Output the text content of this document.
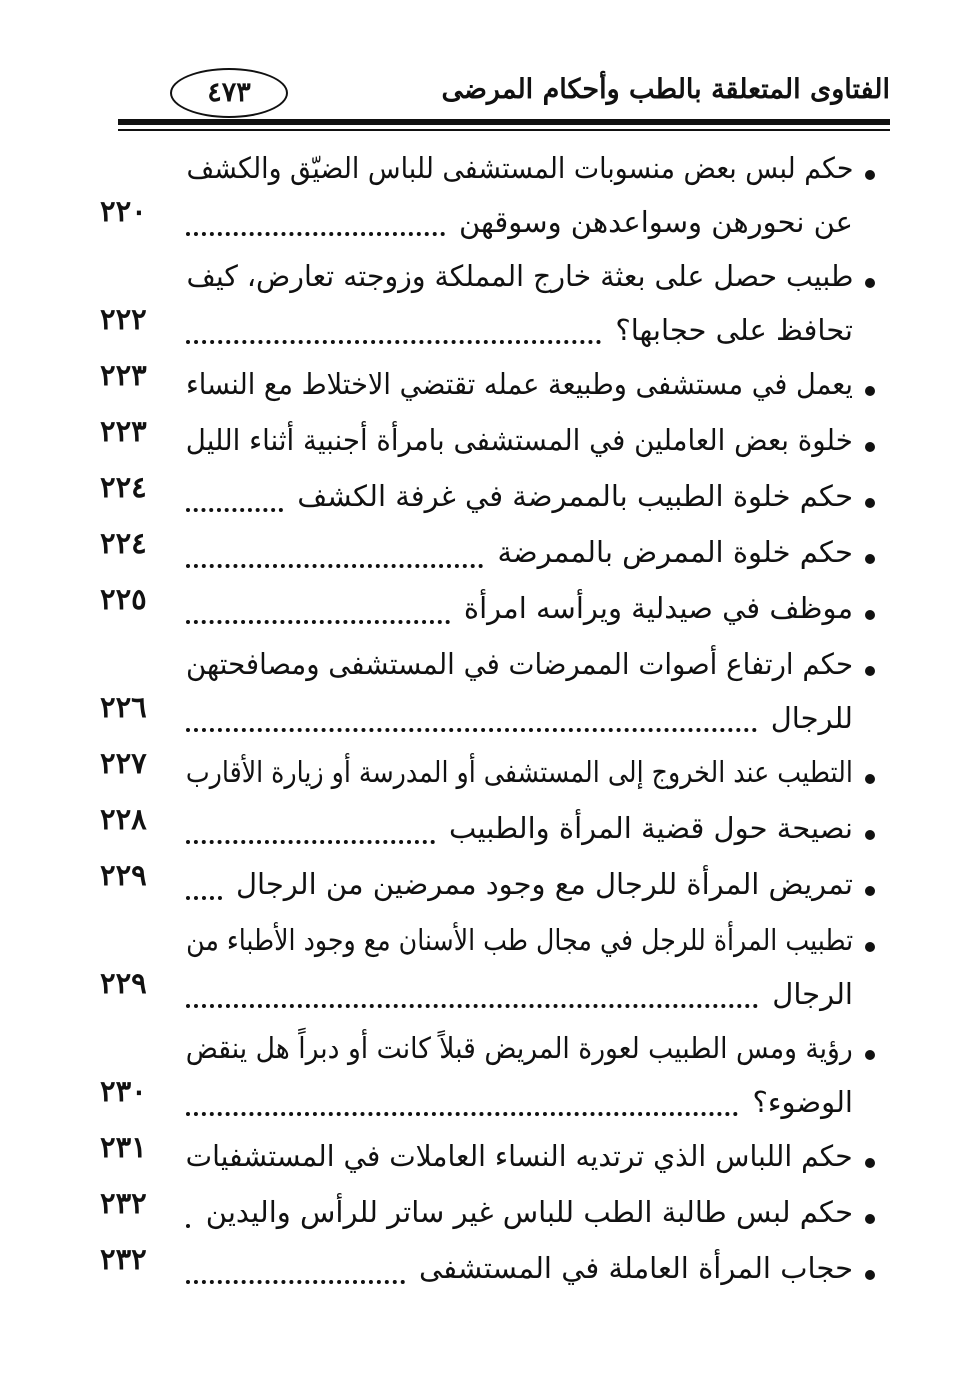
الفتاوى المتعلقة بالطب وأحكام المرضى
٤٧٣
حكم لبس بعض منسوبات المستشفى للباس الضيّق والكشف
عن نحورهن وسواعدهن وسوقهن
٢٢٠
طبيب حصل على بعثة خارج المملكة وزوجته تعارض، كيف
تحافظ على حجابها؟
٢٢٢
يعمل في مستشفى وطبيعة عمله تقتضي الاختلاط مع النساء
٢٢٣
خلوة بعض العاملين في المستشفى بامرأة أجنبية أثناء الليل
٢٢٣
حكم خلوة الطبيب بالممرضة في غرفة الكشف
٢٢٤
حكم خلوة الممرض بالممرضة
٢٢٤
موظف في صيدلية ويرأسه امرأة
٢٢٥
حكم ارتفاع أصوات الممرضات في المستشفى ومصافحتهن
للرجال
٢٢٦
التطيب عند الخروج إلى المستشفى أو المدرسة أو زيارة الأقارب
٢٢٧
نصيحة حول قضية المرأة والطبيب
٢٢٨
تمريض المرأة للرجال مع وجود ممرضين من الرجال
٢٢٩
تطبيب المرأة للرجل في مجال طب الأسنان مع وجود الأطباء من
الرجال
٢٢٩
رؤية ومس الطبيب لعورة المريض قبلاً كانت أو دبراً هل ينقض
الوضوء؟
٢٣٠
حكم اللباس الذي ترتديه النساء العاملات في المستشفيات
٢٣١
حكم لبس طالبة الطب للباس غير ساتر للرأس واليدين
٢٣٢
حجاب المرأة العاملة في المستشفى
٢٣٢
